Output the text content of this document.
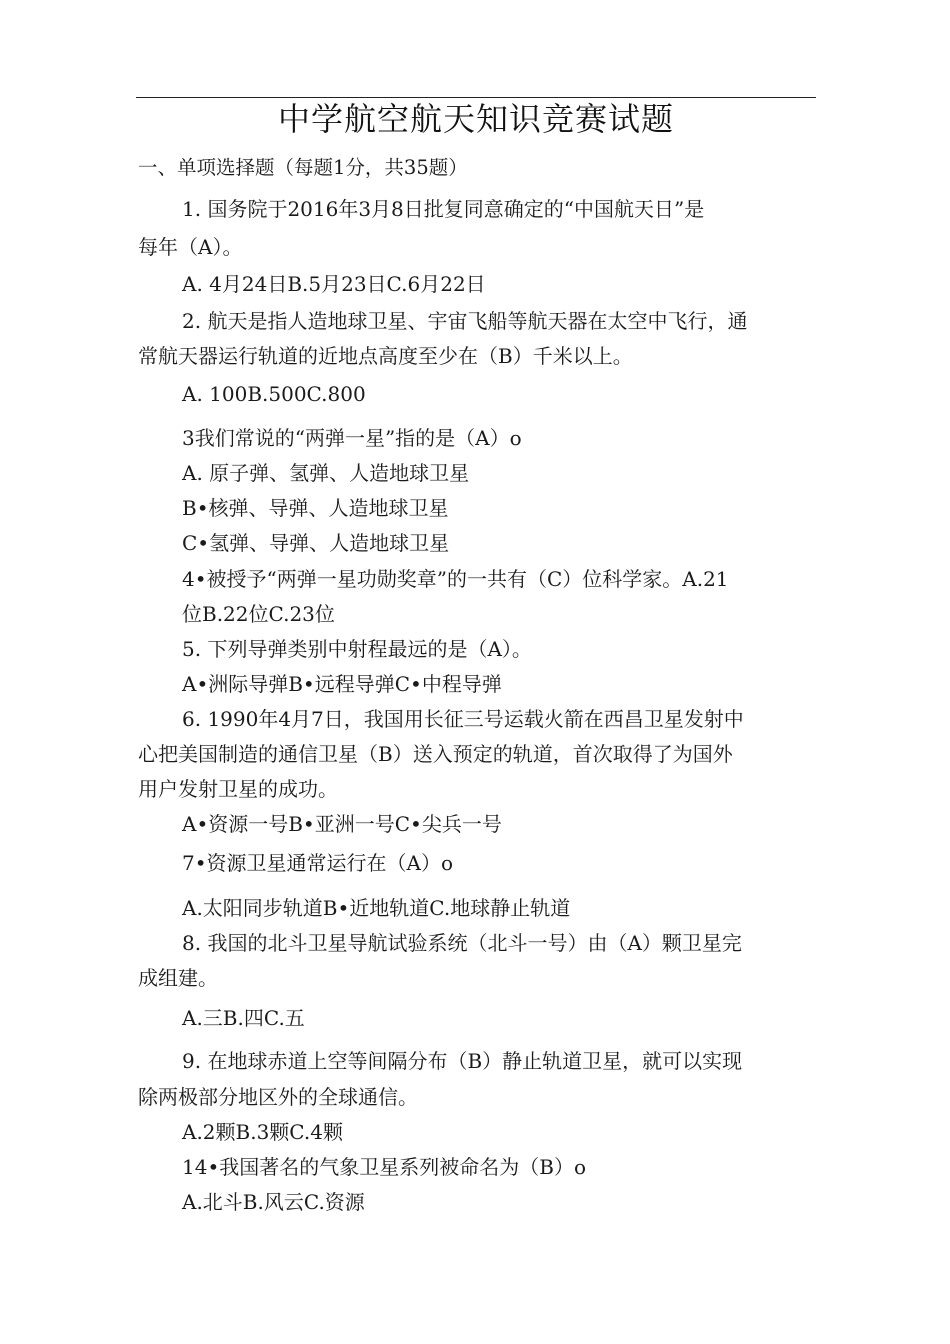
中学航空航天知识竞赛试题
一、单项选择题（每题1分，共35题）
1. 国务院于2016年3月8日批复同意确定的“中国航天日”是
每年（A）。
A. 4月24日B.5月23日C.6月22日
2. 航天是指人造地球卫星、宇宙飞船等航天器在太空中飞行，通
常航天器运行轨道的近地点高度至少在（B）千米以上。
A. 100B.500C.800
3我们常说的“两弹一星”指的是（A）o
A. 原子弹、氢弹、人造地球卫星
B•核弹、导弹、人造地球卫星
C•氢弹、导弹、人造地球卫星
4•被授予“两弹一星功勋奖章”的一共有（C）位科学家。A.21
位B.22位C.23位
5. 下列导弹类别中射程最远的是（A）。
A•洲际导弹B•远程导弹C•中程导弹
6. 1990年4月7日，我国用长征三号运载火箭在西昌卫星发射中
心把美国制造的通信卫星（B）送入预定的轨道，首次取得了为国外
用户发射卫星的成功。
A•资源一号B•亚洲一号C•尖兵一号
7•资源卫星通常运行在（A）o
A.太阳同步轨道B•近地轨道C.地球静止轨道
8. 我国的北斗卫星导航试验系统（北斗一号）由（A）颗卫星完
成组建。
A.三B.四C.五
9. 在地球赤道上空等间隔分布（B）静止轨道卫星，就可以实现
除两极部分地区外的全球通信。
A.2颗B.3颗C.4颗
14•我国著名的气象卫星系列被命名为（B）o
A.北斗B.风云C.资源
